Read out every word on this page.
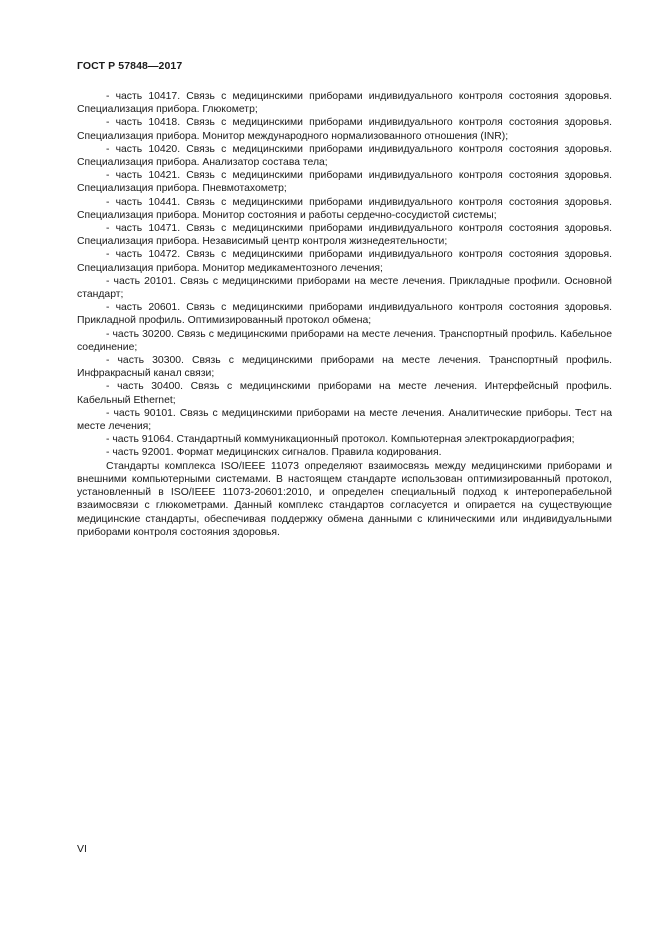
ГОСТ Р 57848—2017

- часть 10417. Связь с медицинскими приборами индивидуального контроля состояния здоровья. Специализация прибора. Глюкометр;

- часть 10418. Связь с медицинскими приборами индивидуального контроля состояния здоровья. Специализация прибора. Монитор международного нормализованного отношения (INR);

- часть 10420. Связь с медицинскими приборами индивидуального контроля состояния здоровья. Специализация прибора. Анализатор состава тела;

- часть 10421. Связь с медицинскими приборами индивидуального контроля состояния здоровья. Специализация прибора. Пневмотахометр;

- часть 10441. Связь с медицинскими приборами индивидуального контроля состояния здоровья. Специализация прибора. Монитор состояния и работы сердечно-сосудистой системы;

- часть 10471. Связь с медицинскими приборами индивидуального контроля состояния здоровья. Специализация прибора. Независимый центр контроля жизнедеятельности;

- часть 10472. Связь с медицинскими приборами индивидуального контроля состояния здоровья. Специализация прибора. Монитор медикаментозного лечения;

- часть 20101. Связь с медицинскими приборами на месте лечения. Прикладные профили. Основной стандарт;

- часть 20601. Связь с медицинскими приборами индивидуального контроля состояния здоровья. Прикладной профиль. Оптимизированный протокол обмена;

- часть 30200. Связь с медицинскими приборами на месте лечения. Транспортный профиль. Кабельное соединение;

- часть 30300. Связь с медицинскими приборами на месте лечения. Транспортный профиль. Инфракрасный канал связи;

- часть 30400. Связь с медицинскими приборами на месте лечения. Интерфейсный профиль. Кабельный Ethernet;

- часть 90101. Связь с медицинскими приборами на месте лечения. Аналитические приборы. Тест на месте лечения;

- часть 91064. Стандартный коммуникационный протокол. Компьютерная электрокардиография;

- часть 92001. Формат медицинских сигналов. Правила кодирования.

Стандарты комплекса ISO/IEEE 11073 определяют взаимосвязь между медицинскими приборами и внешними компьютерными системами. В настоящем стандарте использован оптимизированный протокол, установленный в ISO/IEEE 11073-20601:2010, и определен специальный подход к интероперабельной взаимосвязи с глюкометрами. Данный комплекс стандартов согласуется и опирается на существующие медицинские стандарты, обеспечивая поддержку обмена данными с клиническими или индивидуальными приборами контроля состояния здоровья.

VI
